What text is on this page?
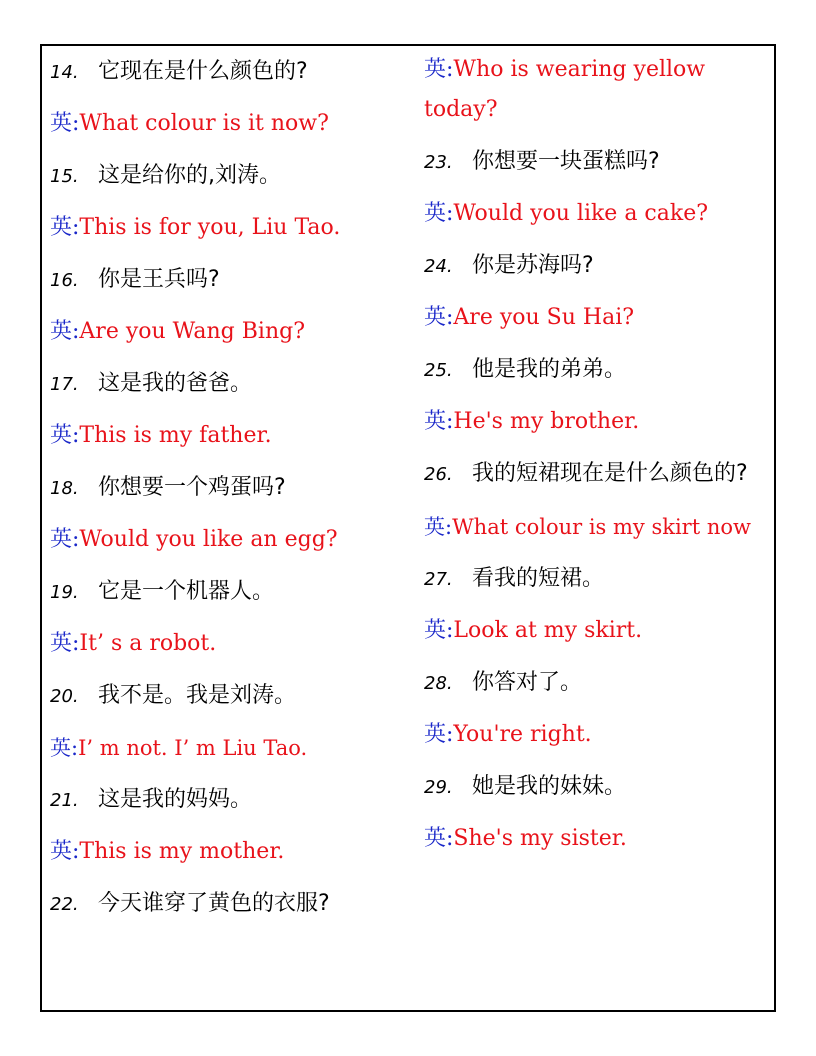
14. 它现在是什么颜色的?
英:What colour is it now?
15. 这是给你的,刘涛。
英:This is for you, Liu Tao.
16. 你是王兵吗?
英:Are you Wang Bing?
17. 这是我的爸爸。
英:This is my father.
18. 你想要一个鸡蛋吗?
英:Would you like an egg?
19. 它是一个机器人。
英:It’ s a robot.
20. 我不是。我是刘涛。
英:I’ m not. I’ m Liu Tao.
21. 这是我的妈妈。
英:This is my mother.
22. 今天谁穿了黄色的衣服?
英:Who is wearing yellow today?
23. 你想要一块蛋糕吗?
英:Would you like a cake?
24. 你是苏海吗?
英:Are you Su Hai?
25. 他是我的弟弟。
英:He's my brother.
26. 我的短裙现在是什么颜色的?
英:What colour is my skirt now
27. 看我的短裙。
英:Look at my skirt.
28. 你答对了。
英:You're right.
29. 她是我的妹妹。
英:She's my sister.
